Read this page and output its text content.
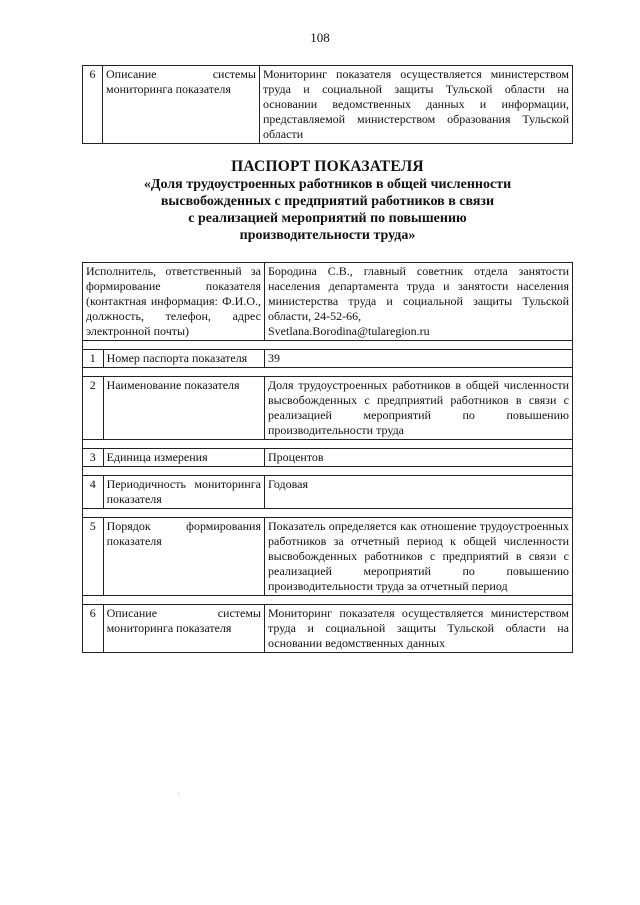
108
6	Описание системы мониторинга показателя	Мониторинг показателя осуществляется министерством труда и социальной защиты Тульской области на основании ведомственных данных и информации, представляемой министерством образования Тульской области
ПАСПОРТ ПОКАЗАТЕЛЯ
«Доля трудоустроенных работников в общей численности
высвобожденных с предприятий работников в связи
с реализацией мероприятий по повышению
производительности труда»
Исполнитель, ответственный за формирование показателя (контактная информация: Ф.И.О., должность, телефон, адрес электронной почты)		Бородина С.В., главный советник отдела занятости населения департамента труда и занятости населения министерства труда и социальной защиты Тульской области, 24-52-66,
Svetlana.Borodina@tularegion.ru

1	Номер паспорта показателя	39

2	Наименование показателя	Доля трудоустроенных работников в общей численности высвобожденных с предприятий работников в связи с реализацией мероприятий по повышению производительности труда

3	Единица измерения	Процентов

4	Периодичность мониторинга показателя	Годовая

5	Порядок формирования показателя	Показатель определяется как отношение трудоустроенных работников за отчетный период к общей численности высвобожденных работников с предприятий в связи с реализацией мероприятий по повышению производительности труда за отчетный период

6	Описание системы мониторинга показателя	Мониторинг показателя осуществляется министерством труда и социальной защиты Тульской области на основании ведомственных данных
